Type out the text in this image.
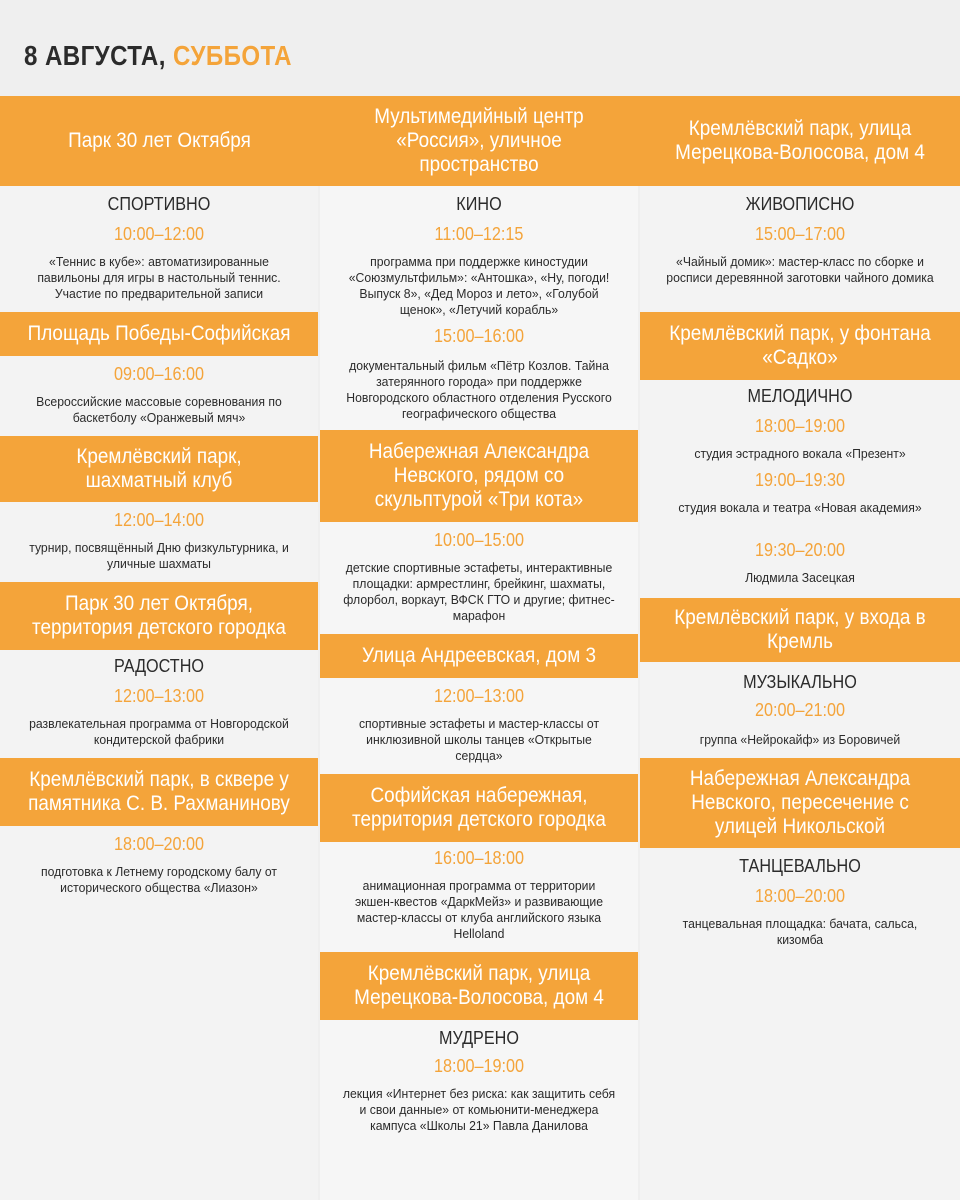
8 АВГУСТА, СУББОТА
Парк 30 лет Октября
СПОРТИВНО
10:00–12:00
«Теннис в кубе»: автоматизированные павильоны для игры в настольный теннис. Участие по предварительной записи
Площадь Победы-Софийская
09:00–16:00
Всероссийские массовые соревнования по баскетболу «Оранжевый мяч»
Кремлёвский парк, шахматный клуб
12:00–14:00
турнир, посвящённый Дню физкультурника, и уличные шахматы
Парк 30 лет Октября, территория детского городка
РАДОСТНО
12:00–13:00
развлекательная программа от Новгородской кондитерской фабрики
Кремлёвский парк, в сквере у памятника С. В. Рахманинову
18:00–20:00
подготовка к Летнему городскому балу от исторического общества «Лиазон»
Мультимедийный центр «Россия», уличное пространство
КИНО
11:00–12:15
программа при поддержке киностудии «Союзмультфильм»: «Антошка», «Ну, погоди! Выпуск 8», «Дед Мороз и лето», «Голубой щенок», «Летучий корабль»
15:00–16:00
документальный фильм «Пётр Козлов. Тайна затерянного города» при поддержке Новгородского областного отделения Русского географического общества
Набережная Александра Невского, рядом со скульптурой «Три кота»
10:00–15:00
детские спортивные эстафеты, интерактивные площадки: армрестлинг, брейкинг, шахматы, флорбол, воркаут, ВФСК ГТО и другие; фитнес-марафон
Улица Андреевская, дом 3
12:00–13:00
спортивные эстафеты и мастер-классы от инклюзивной школы танцев «Открытые сердца»
Софийская набережная, территория детского городка
16:00–18:00
анимационная программа от территории экшен-квестов «ДаркМейз» и развивающие мастер-классы от клуба английского языка Helloland
Кремлёвский парк, улица Мерецкова-Волосова, дом 4
МУДРЕНО
18:00–19:00
лекция «Интернет без риска: как защитить себя и свои данные» от комьюнити-менеджера кампуса «Школы 21» Павла Данилова
Кремлёвский парк, улица Мерецкова-Волосова, дом 4
ЖИВОПИСНО
15:00–17:00
«Чайный домик»: мастер-класс по сборке и росписи деревянной заготовки чайного домика
Кремлёвский парк, у фонтана «Садко»
МЕЛОДИЧНО
18:00–19:00
студия эстрадного вокала «Презент»
19:00–19:30
студия вокала и театра «Новая академия»
19:30–20:00
Людмила Засецкая
Кремлёвский парк, у входа в Кремль
МУЗЫКАЛЬНО
20:00–21:00
группа «Нейрокайф» из Боровичей
Набережная Александра Невского, пересечение с улицей Никольской
ТАНЦЕВАЛЬНО
18:00–20:00
танцевальная площадка: бачата, сальса, кизомба
